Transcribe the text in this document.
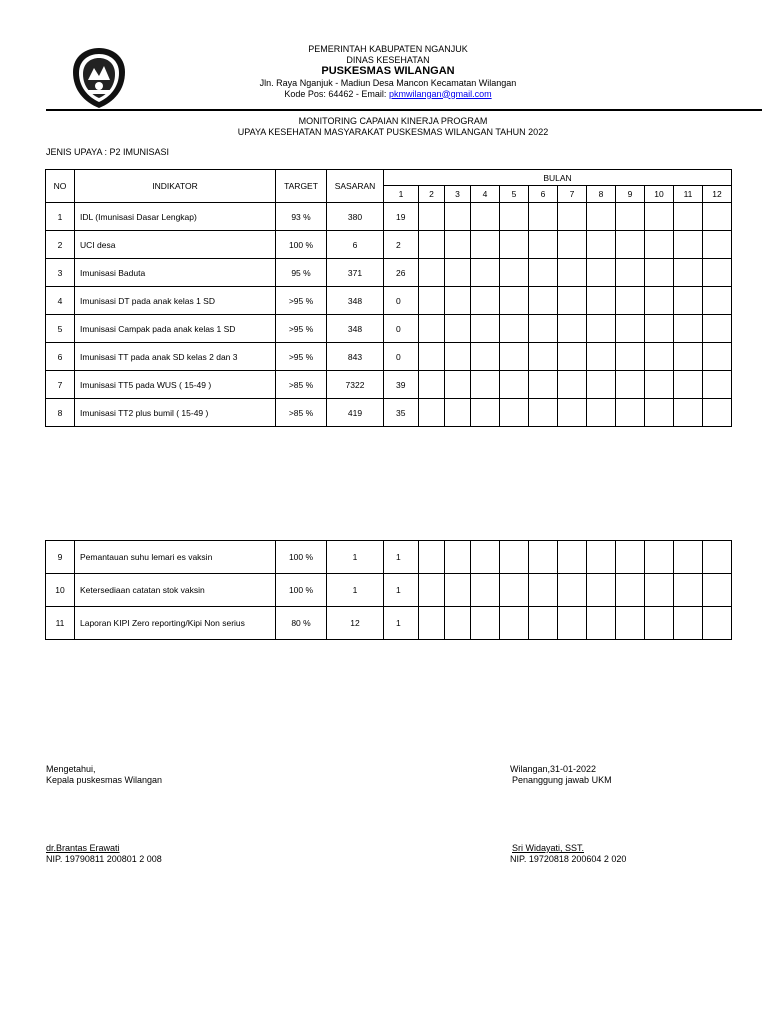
PEMERINTAH KABUPATEN NGANJUK
DINAS KESEHATAN
PUSKESMAS WILANGAN
Jln. Raya Nganjuk - Madiun Desa Mancon Kecamatan Wilangan
Kode Pos: 64462 - Email: pkmwilangan@gmail.com
MONITORING CAPAIAN KINERJA PROGRAM
UPAYA KESEHATAN MASYARAKAT PUSKESMAS WILANGAN TAHUN 2022
JENIS UPAYA : P2 IMUNISASI
NO	INDIKATOR	TARGET	SASARAN	BULAN											
				1	2	3	4	5	6	7	8	9	10	11	12
1	IDL (Imunisasi Dasar Lengkap)	93 %	380	19											
2	UCI desa	100 %	6	2											
3	Imunisasi Baduta	95 %	371	26											
4	Imunisasi DT pada anak kelas 1 SD	>95 %	348	0											
5	Imunisasi Campak pada anak kelas 1 SD	>95 %	348	0											
6	Imunisasi TT pada anak SD kelas 2 dan 3	>95 %	843	0											
7	Imunisasi TT5 pada WUS ( 15-49 )	>85 %	7322	39											
8	Imunisasi TT2 plus bumil ( 15-49 )	>85 %	419	35											
9	Pemantauan suhu lemari es vaksin	100 %	1	1											
10	Ketersediaan catatan stok vaksin	100 %	1	1											
11	Laporan KIPI Zero reporting/Kipi Non serius	80 %	12	1											
Mengetahui,
Kepala puskesmas Wilangan
dr.Brantas Erawati
NIP. 19790811 200801 2 008
Wilangan,31-01-2022
Penanggung jawab UKM
Sri Widayati, SST.
NIP. 19720818 200604 2 020
